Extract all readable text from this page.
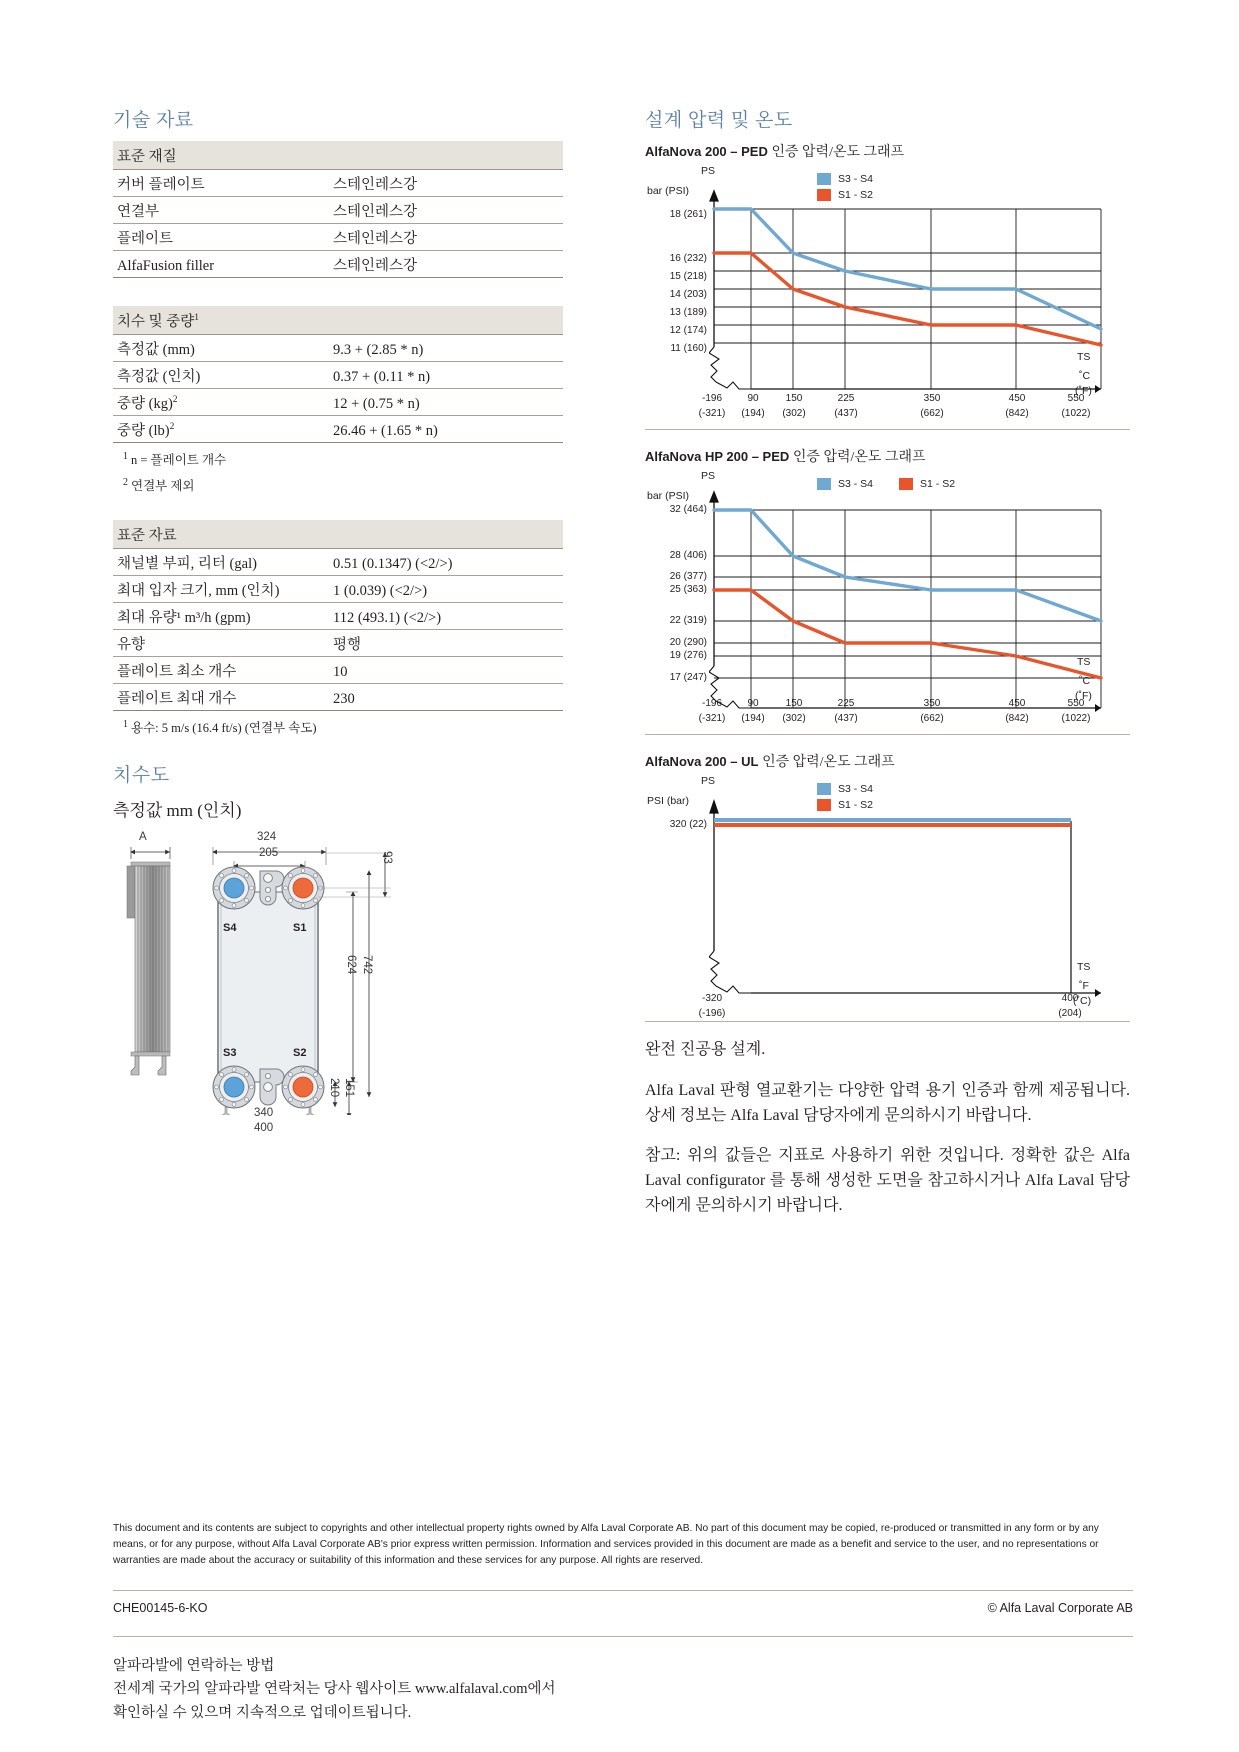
기술 자료
표준 재질	
커버 플레이트	스테인레스강
연결부	스테인레스강
플레이트	스테인레스강
AlfaFusion filler	스테인레스강
치수 및 중량$^1$
측정값 (mm)	9.3 + (2.85 * n)
측정값 (인치)	0.37 + (0.11 * n)
중량 (kg)$^2$	12 + (0.75 * n)
중량 (lb)$^2$	26.46 + (1.65 * n)
$^1$ n = 플레이트 개수
$^2$ 연결부 제외
표준 자료	
채널별 부피, 리터 (gal)	0.51 (0.1347) (<2/>)
최대 입자 크기, mm (인치)	1 (0.039) (<2/>)
최대 유량¹ m³/h (gpm)	112 (493.1) (<2/>)
유향	평행
플레이트 최소 개수	10
플레이트 최대 개수	230
$^1$ 용수: 5 m/s (16.4 ft/s) (연결부 속도)
치수도
측정값 mm (인치)
A	324
205	93
624 742
210 151
340
400
S4	S1
S3	S2
설계 압력 및 온도
AlfaNova 200 – PED 인증 압력/온도 그래프
S3 - S4
S1 - S2
PS
bar (PSI)
TS
˚C
(˚F)
18 (261)
16 (232)
15 (218)
14 (203)
13 (189)
12 (174)
11 (160)
-196
(-321)
90
(194)
150
(302)
225
(437)
350
(662)
450
(842)
550
(1022)
AlfaNova HP 200 – PED 인증 압력/온도 그래프
S3 - S4	S1 - S2
PS
bar (PSI)
TS
˚C
(˚F)
32 (464)
28 (406)
26 (377)
25 (363)
22 (319)
20 (290)
19 (276)
17 (247)
-196
(-321)
90
(194)
150
(302)
225
(437)
350
(662)
450
(842)
550
(1022)
AlfaNova 200 – UL 인증 압력/온도 그래프
S3 - S4
S1 - S2
PS
PSI (bar)
TS
˚F
(˚C)
320 (22)
-320
(-196)
400
(204)

완전 진공용 설계.

Alfa Laval 판형 열교환기는 다양한 압력 용기 인증과 함께 제공됩니다. 상세 정보는 Alfa Laval 담당자에게 문의하시기 바랍니다.

참고: 위의 값들은 지표로 사용하기 위한 것입니다. 정확한 값은 Alfa Laval configurator 를 통해 생성한 도면을 참고하시거나 Alfa Laval 담당자에게 문의하시기 바랍니다.

This document and its contents are subject to copyrights and other intellectual property rights owned by Alfa Laval Corporate AB. No part of this document may be copied, re-produced or transmitted in any form or by any means, or for any purpose, without Alfa Laval Corporate AB's prior express written permission. Information and services provided in this document are made as a benefit and service to the user, and no representations or warranties are made about the accuracy or suitability of this information and these services for any purpose. All rights are reserved.
CHE00145-6-KO	© Alfa Laval Corporate AB
알파라발에 연락하는 방법
전세계 국가의 알파라발 연락처는 당사 웹사이트 www.alfalaval.com에서
확인하실 수 있으며 지속적으로 업데이트됩니다.
